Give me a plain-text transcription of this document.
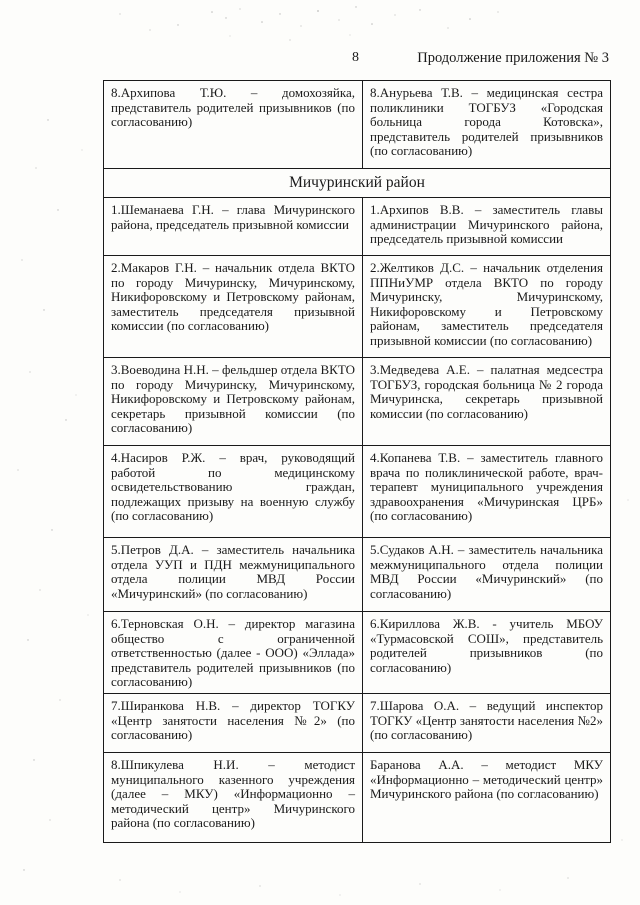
8	Продолжение приложения № 3
8.Архипова Т.Ю. – домохозяйка, представитель родителей призывников (по согласованию)	8.Анурьева Т.В. – медицинская сестра поликлиники ТОГБУЗ «Городская больница города Котовска», представитель родителей призывников (по согласованию)
Мичуринский район	
1.Шеманаева Г.Н. – глава Мичуринского района, председатель призывной комиссии	1.Архипов В.В. – заместитель главы администрации Мичуринского района, председатель призывной комиссии
2.Макаров Г.Н. – начальник отдела ВКТО по городу Мичуринску, Мичуринскому, Никифоровскому и Петровскому районам, заместитель председателя призывной комиссии (по согласованию)	2.Желтиков Д.С. – начальник отделения ППНиУМР отдела ВКТО по городу Мичуринску, Мичуринскому, Никифоровскому и Петровскому районам, заместитель председателя призывной комиссии (по согласованию)
3.Воеводина Н.Н. – фельдшер отдела ВКТО по городу Мичуринску, Мичуринскому, Никифоровскому и Петровскому районам, секретарь призывной комиссии (по согласованию)	3.Медведева А.Е. – палатная медсестра ТОГБУЗ, городская больница № 2 города Мичуринска, секретарь призывной комиссии (по согласованию)
4.Насиров Р.Ж. – врач, руководящий работой по медицинскому освидетельствованию граждан, подлежащих призыву на военную службу (по согласованию)	4.Копанева Т.В. – заместитель главного врача по поликлинической работе, врач-терапевт муниципального учреждения здравоохранения «Мичуринская ЦРБ» (по согласованию)
5.Петров Д.А. – заместитель начальника отдела УУП и ПДН межмуниципального отдела полиции МВД России «Мичуринский» (по согласованию)	5.Судаков А.Н. – заместитель начальника межмуниципального отдела полиции МВД России «Мичуринский» (по согласованию)
6.Терновская О.Н. – директор магазина общество с ограниченной ответственностью (далее - ООО) «Эллада» представитель родителей призывников (по согласованию)	6.Кириллова Ж.В. - учитель МБОУ «Турмасовской СОШ», представитель родителей призывников (по согласованию)
7.Ширанкова Н.В. – директор ТОГКУ «Центр занятости населения №2» (по согласованию)	7.Шарова О.А. – ведущий инспектор ТОГКУ «Центр занятости населения №2» (по согласованию)
8.Шпикулева Н.И. – методист муниципального казенного учреждения (далее – МКУ) «Информационно – методический центр» Мичуринского района (по согласованию)	Баранова А.А. – методист МКУ «Информационно – методический центр» Мичуринского района (по согласованию)
